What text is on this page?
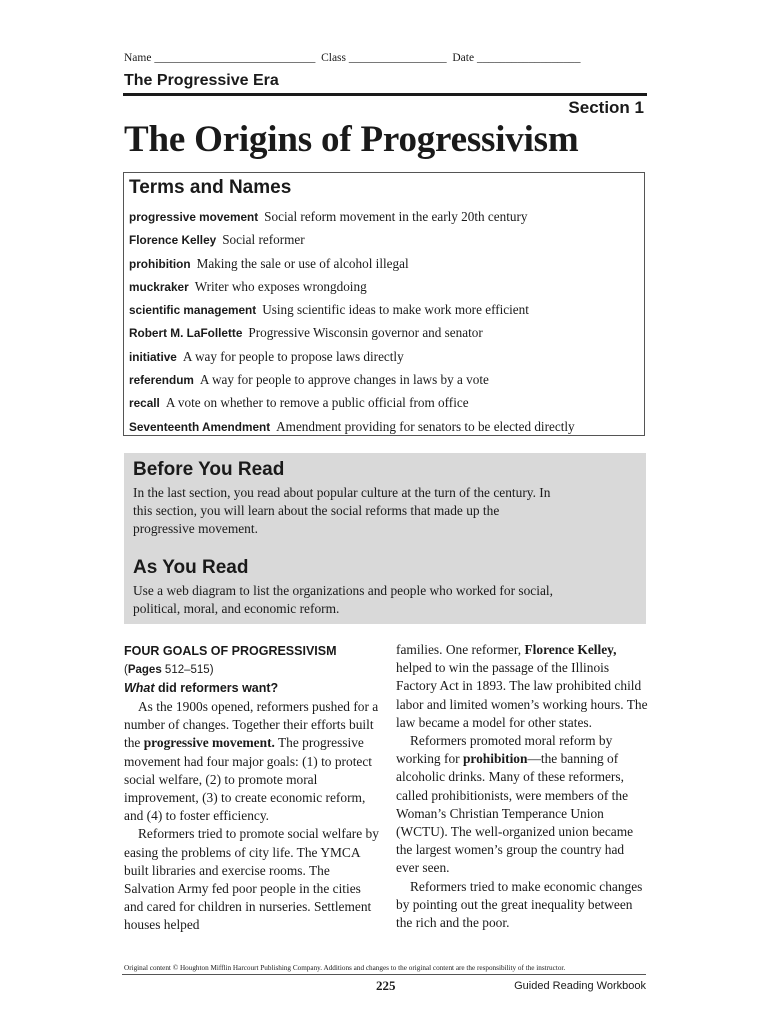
Name ____________________________  Class _________________  Date __________________
The Progressive Era
Section 1
The Origins of Progressivism
Terms and Names
progressive movement Social reform movement in the early 20th century
Florence Kelley Social reformer
prohibition Making the sale or use of alcohol illegal
muckraker Writer who exposes wrongdoing
scientific management Using scientific ideas to make work more efficient
Robert M. LaFollette Progressive Wisconsin governor and senator
initiative A way for people to propose laws directly
referendum A way for people to approve changes in laws by a vote
recall A vote on whether to remove a public official from office
Seventeenth Amendment Amendment providing for senators to be elected directly
Before You Read

In the last section, you read about popular culture at the turn of the century. In this section, you will learn about the social reforms that made up the progressive movement.

As You Read

Use a web diagram to list the organizations and people who worked for social, political, moral, and economic reform.

FOUR GOALS OF PROGRESSIVISM
(Pages 512–515)
What did reformers want?

As the 1900s opened, reformers pushed for a number of changes. Together their efforts built the progressive movement. The progressive movement had four major goals: (1) to protect social welfare, (2) to promote moral improvement, (3) to create economic reform, and (4) to foster efficiency.

Reformers tried to promote social welfare by easing the problems of city life. The YMCA built libraries and exercise rooms. The Salvation Army fed poor people in the cities and cared for children in nurseries. Settlement houses helped

families. One reformer, Florence Kelley, helped to win the passage of the Illinois Factory Act in 1893. The law prohibited child labor and limited women’s working hours. The law became a model for other states.

Reformers promoted moral reform by working for prohibition—the banning of alcoholic drinks. Many of these reformers, called prohibitionists, were members of the Woman’s Christian Temperance Union (WCTU). The well-organized union became the largest women’s group the country had ever seen.

Reformers tried to make economic changes by pointing out the great inequality between the rich and the poor.

Original content © Houghton Mifflin Harcourt Publishing Company. Additions and changes to the original content are the responsibility of the instructor.
225	Guided Reading Workbook
